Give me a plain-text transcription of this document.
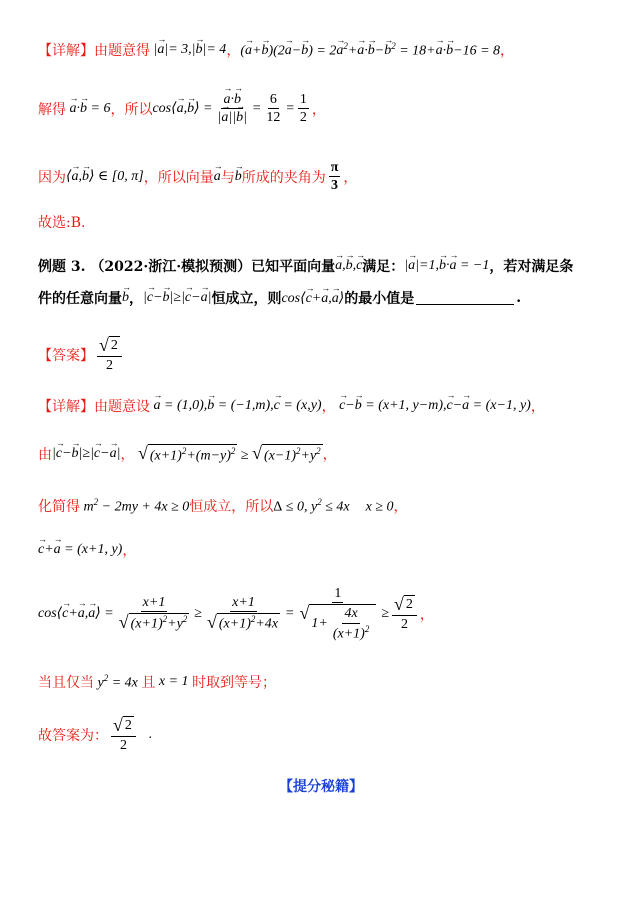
【详解】 由题意得 |→ a|= 3,|→ b|= 4 ， (→ $a+\to b)(2\to a-\to b) = 2\to a^2+\to a\cdot\to b-\to b^2 = 18+\to a\cdot\to b-16 = 8$ ，
解得 → a·→ b = 6 ，所以 cos⟨→ a,→ b⟩ = → $\frac{a\cdot\to b}{|\to a||\to b|} = \frac{6}{12} = \frac{1}{2}$ ，
因为 ⟨→ a,→ b⟩ ∈ [0, π] ，所以向量 → a 与 → b 所成的夹角为 $\frac{\pi}{3}$ ，
故选:B.
例题 3. （2022·浙江·模拟预测）已知平面向量 → a,→ b,→ c 满足： |→ a|=1,→ b·→ a = −1 ，若对满足条
件的任意向量 → b ， |→ c−→ b|≥|→ c−→ a| 恒成立，则 cos⟨→ c+→ a,→ a⟩ 的最小值是	.
【答案】 $\frac{√ 2}{2}$
【详解】 由题意设 → a = (1,0),→ b = (−1,m),→ c = (x,y) ， → c−→ b = (x+1, y−m),→ c−→ a = (x−1, y) ，
由 |→ c−→ b|≥|→ c−→ a| ，
√ $(x+1)^2+(m-y)^2$ ≥ √ $(x-1)^2+y^2$ ，
化简得 $m^2 - 2my + 4x \ge 0$ 恒成立，所以 Δ ≤ 0, $y^2 \le 4x$ x ≥ 0 ，
→ c+→ a = (x+1, y) ，
cos⟨→ c+→ a,→ a⟩ = $\frac{x+1}{√ (x+1)^2+y^2} \ge \frac{x+1}{√ (x+1)^2+4x} = 1$
√
$1+ \frac{4x}{(x+1)^2} \ge \frac{√ 2}{2}$ ，
当且仅当 $y^2 = 4x$ 且 x = 1 时取到等号；
故答案为： $\frac{√ 2}{2}$ .
【提分秘籍】
